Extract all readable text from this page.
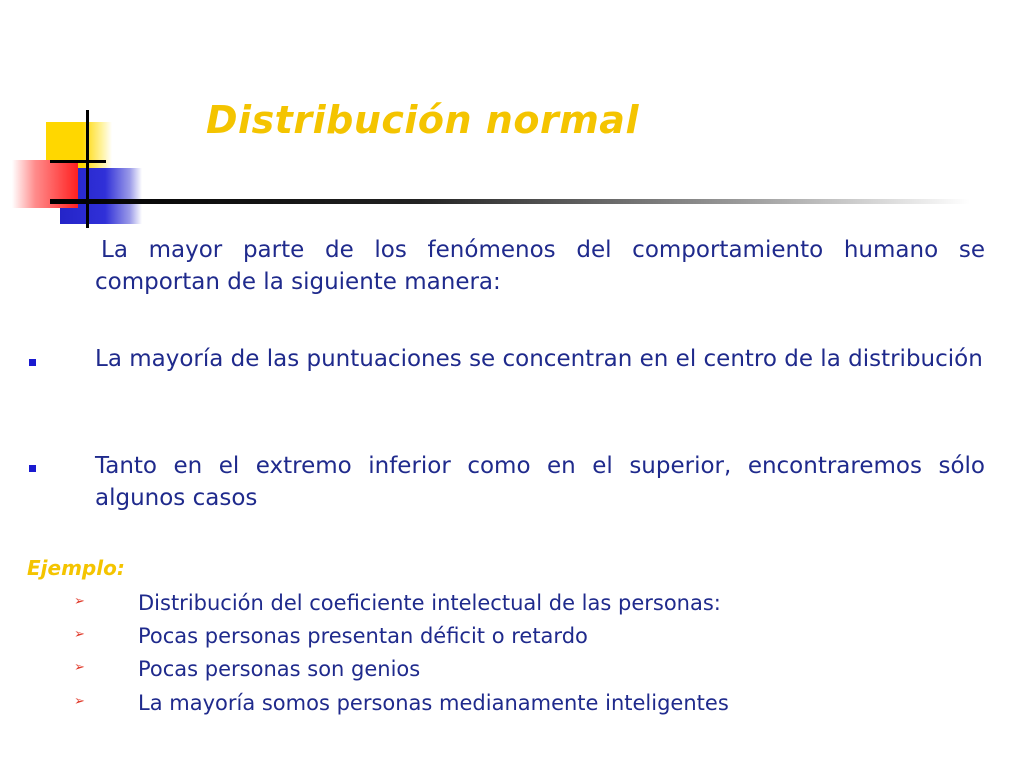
Distribución normal

La mayor parte de los fenómenos del comportamiento humano se comportan de la siguiente manera:

La mayoría de las puntuaciones se concentran en el centro de la distribución

Tanto en el extremo inferior como en el superior, encontraremos sólo algunos casos

Ejemplo:

➢	Distribución del coeficiente intelectual de las personas:
➢	Pocas personas presentan déficit o retardo
➢	Pocas personas son genios
➢	La mayoría somos personas medianamente inteligentes
